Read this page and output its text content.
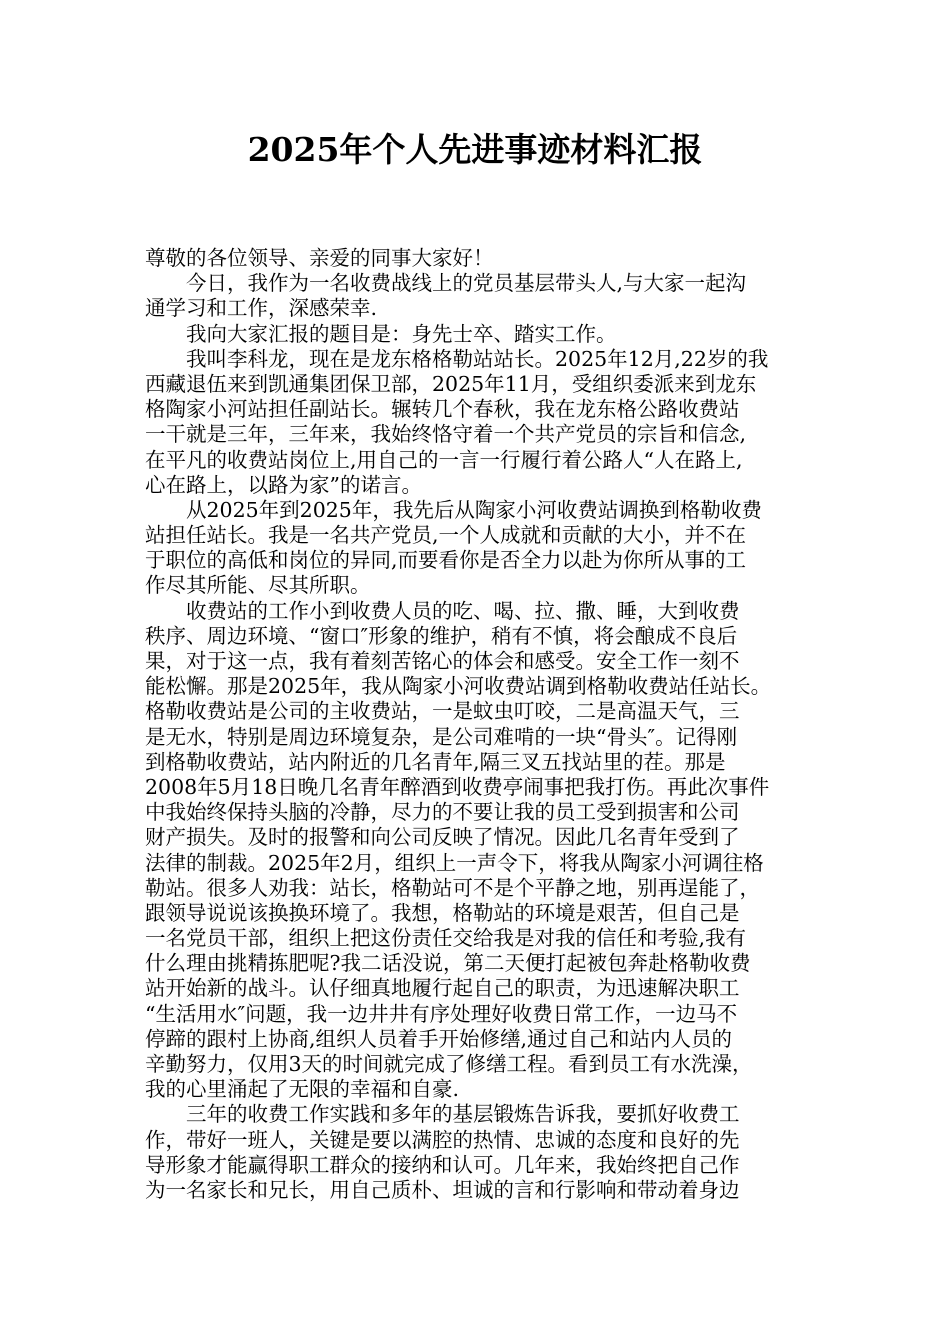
2025年个人先进事迹材料汇报
尊敬的各位领导、亲爱的同事大家好！
今日，我作为一名收费战线上的党员基层带头人,与大家一起沟
通学习和工作，深感荣幸.
我向大家汇报的题目是：身先士卒、踏实工作。
我叫李科龙，现在是龙东格格勒站站长。2025年12月,22岁的我
西藏退伍来到凯通集团保卫部，2025年11月，受组织委派来到龙东
格陶家小河站担任副站长。辗转几个春秋，我在龙东格公路收费站
一干就是三年，三年来，我始终恪守着一个共产党员的宗旨和信念,
在平凡的收费站岗位上,用自己的一言一行履行着公路人“人在路上,
心在路上，以路为家”的诺言。
从2025年到2025年，我先后从陶家小河收费站调换到格勒收费
站担任站长。我是一名共产党员,一个人成就和贡献的大小，并不在
于职位的高低和岗位的异同,而要看你是否全力以赴为你所从事的工
作尽其所能、尽其所职。
收费站的工作小到收费人员的吃、喝、拉、撒、睡，大到收费
秩序、周边环境、“窗口″形象的维护，稍有不慎，将会酿成不良后
果，对于这一点，我有着刻苦铭心的体会和感受。安全工作一刻不
能松懈。那是2025年，我从陶家小河收费站调到格勒收费站任站长。
格勒收费站是公司的主收费站，一是蚊虫叮咬，二是高温天气，三
是无水，特别是周边环境复杂，是公司难啃的一块“骨头″。记得刚
到格勒收费站，站内附近的几名青年,隔三叉五找站里的茬。那是
2008年5月18日晚几名青年醉酒到收费亭闹事把我打伤。再此次事件
中我始终保持头脑的冷静，尽力的不要让我的员工受到损害和公司
财产损失。及时的报警和向公司反映了情况。因此几名青年受到了
法律的制裁。2025年2月，组织上一声令下，将我从陶家小河调往格
勒站。很多人劝我：站长，格勒站可不是个平静之地，别再逞能了，
跟领导说说该换换环境了。我想，格勒站的环境是艰苦，但自己是
一名党员干部，组织上把这份责任交给我是对我的信任和考验,我有
什么理由挑精拣肥呢?我二话没说，第二天便打起被包奔赴格勒收费
站开始新的战斗。认仔细真地履行起自己的职责，为迅速解决职工
“生活用水″问题，我一边井井有序处理好收费日常工作，一边马不
停蹄的跟村上协商,组织人员着手开始修缮,通过自己和站内人员的
辛勤努力，仅用3天的时间就完成了修缮工程。看到员工有水洗澡，
我的心里涌起了无限的幸福和自豪.
三年的收费工作实践和多年的基层锻炼告诉我，要抓好收费工
作，带好一班人，关键是要以满腔的热情、忠诚的态度和良好的先
导形象才能赢得职工群众的接纳和认可。几年来，我始终把自己作
为一名家长和兄长，用自己质朴、坦诚的言和行影响和带动着身边
